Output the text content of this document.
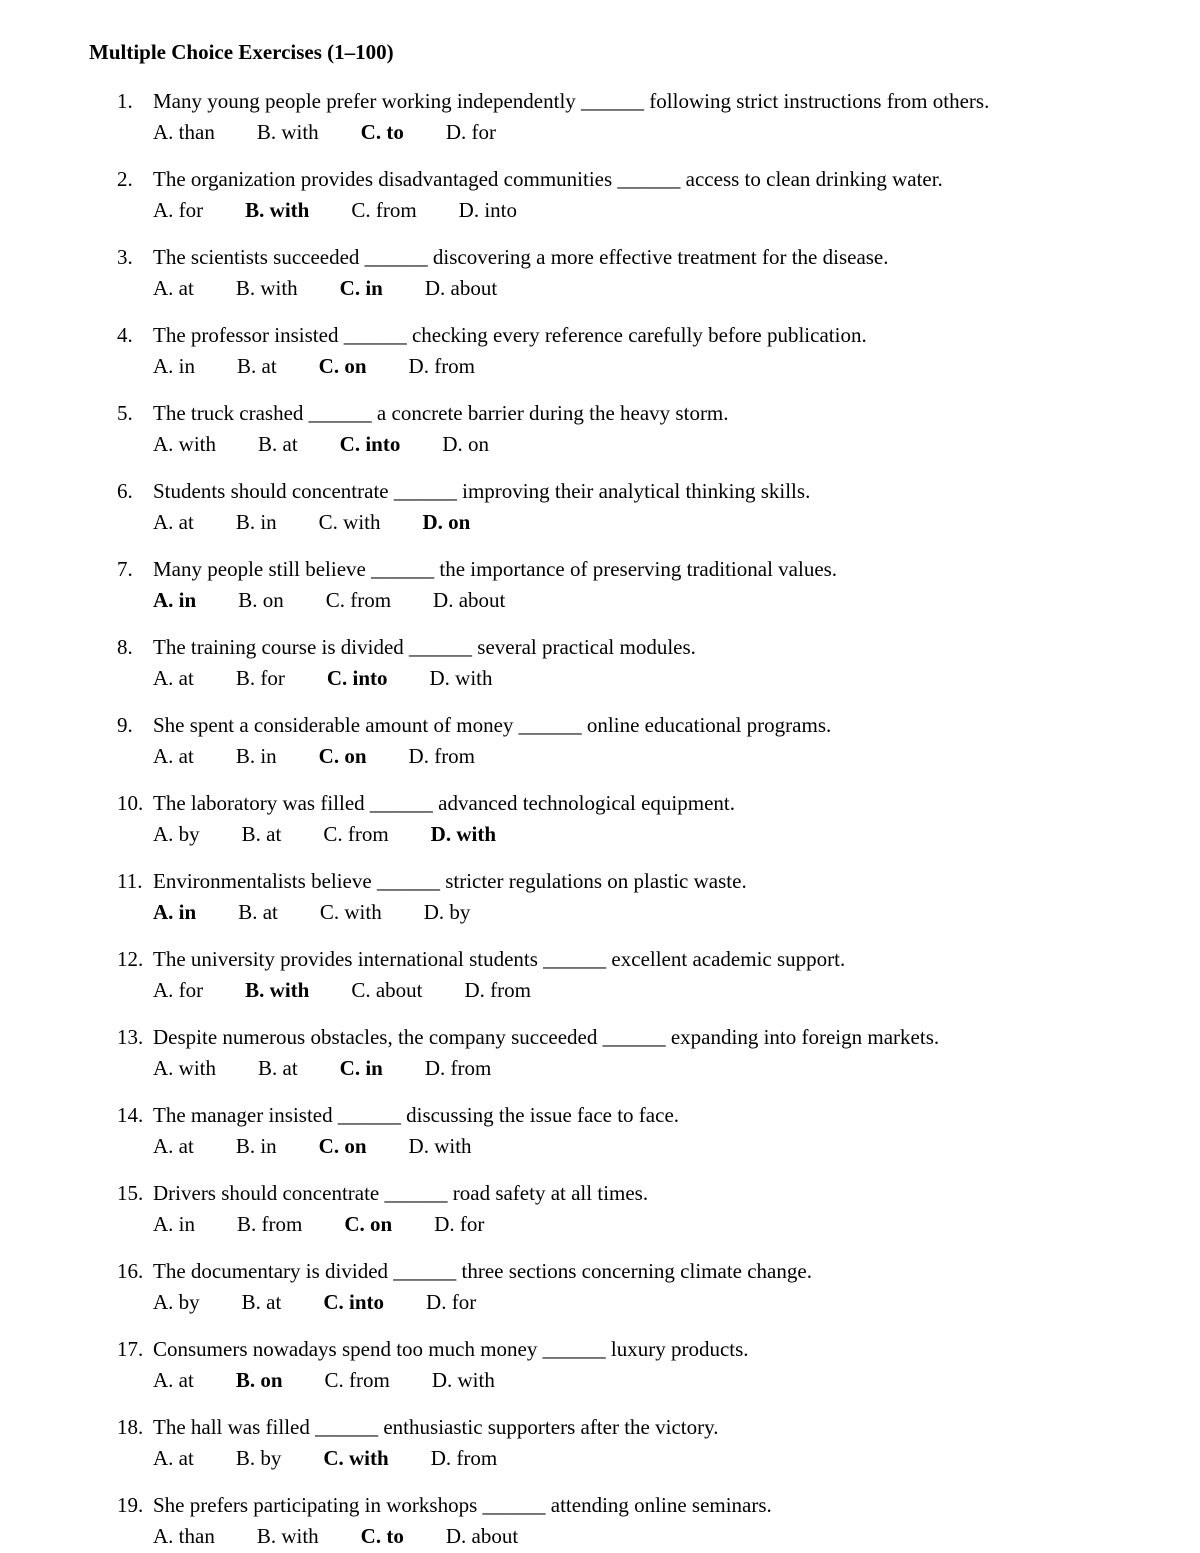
Multiple Choice Exercises (1–100)
1. Many young people prefer working independently ______ following strict instructions from others.
A. than B. with C. to D. for
2. The organization provides disadvantaged communities ______ access to clean drinking water.
A. for B. with C. from D. into
3. The scientists succeeded ______ discovering a more effective treatment for the disease.
A. at B. with C. in D. about
4. The professor insisted ______ checking every reference carefully before publication.
A. in B. at C. on D. from
5. The truck crashed ______ a concrete barrier during the heavy storm.
A. with B. at C. into D. on
6. Students should concentrate ______ improving their analytical thinking skills.
A. at B. in C. with D. on
7. Many people still believe ______ the importance of preserving traditional values.
A. in B. on C. from D. about
8. The training course is divided ______ several practical modules.
A. at B. for C. into D. with
9. She spent a considerable amount of money ______ online educational programs.
A. at B. in C. on D. from
10. The laboratory was filled ______ advanced technological equipment.
A. by B. at C. from D. with
11. Environmentalists believe ______ stricter regulations on plastic waste.
A. in B. at C. with D. by
12. The university provides international students ______ excellent academic support.
A. for B. with C. about D. from
13. Despite numerous obstacles, the company succeeded ______ expanding into foreign markets.
A. with B. at C. in D. from
14. The manager insisted ______ discussing the issue face to face.
A. at B. in C. on D. with
15. Drivers should concentrate ______ road safety at all times.
A. in B. from C. on D. for
16. The documentary is divided ______ three sections concerning climate change.
A. by B. at C. into D. for
17. Consumers nowadays spend too much money ______ luxury products.
A. at B. on C. from D. with
18. The hall was filled ______ enthusiastic supporters after the victory.
A. at B. by C. with D. from
19. She prefers participating in workshops ______ attending online seminars.
A. than B. with C. to D. about
